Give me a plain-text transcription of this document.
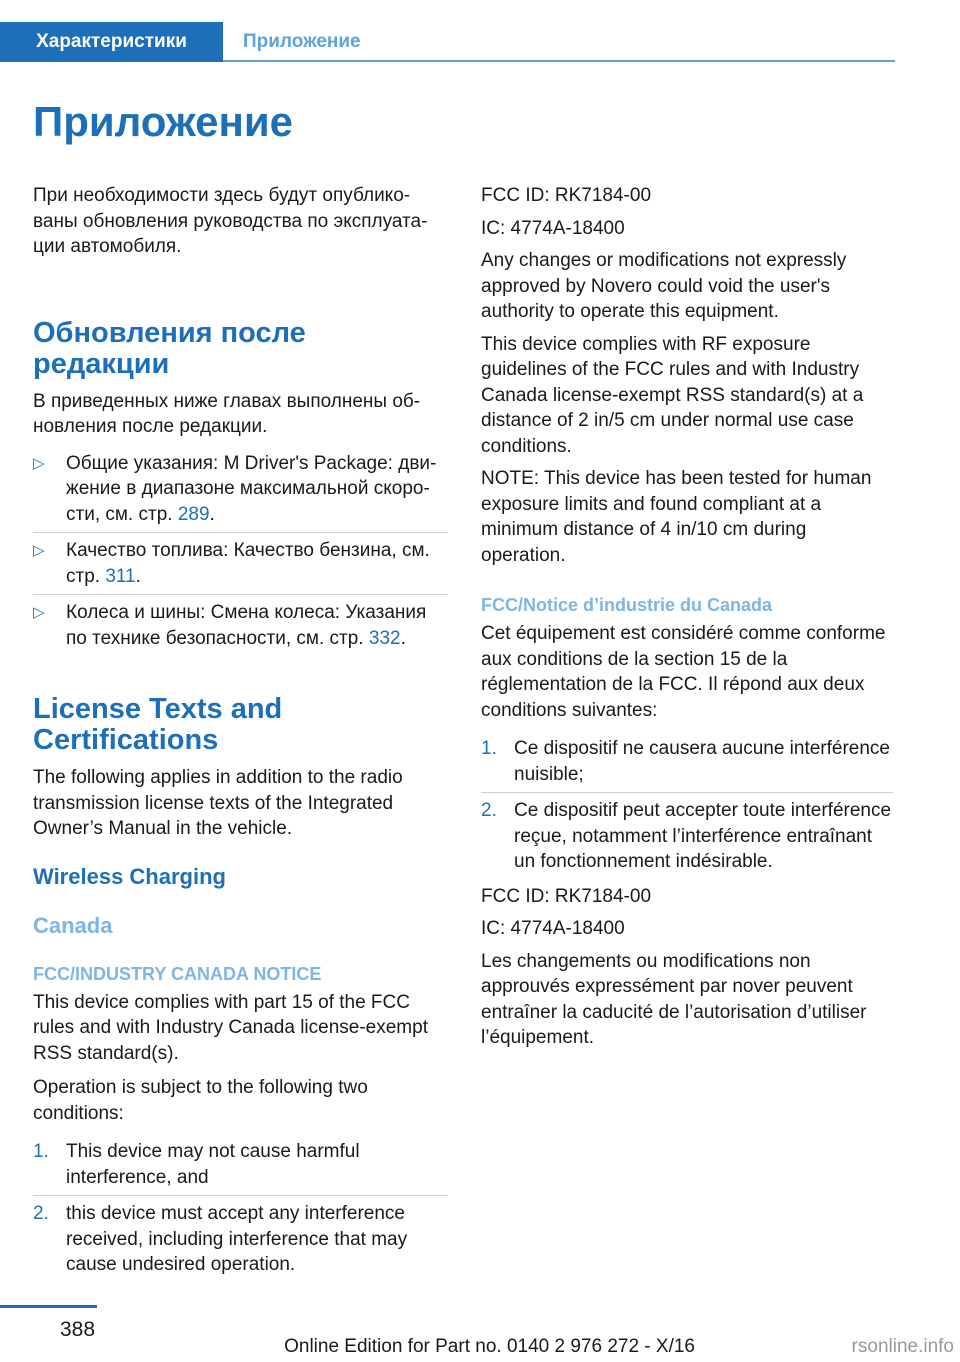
Характеристики	Приложение
Приложение

При необходимости здесь будут опубликованы обновления руководства по эксплуатации автомобиля.

Обновления после редакции

В приведенных ниже главах выполнены обновления после редакции.

▷ Общие указания: M Driver's Package: движение в диапазоне максимальной скорости, см. стр. 289.
▷ Качество топлива: Качество бензина, см. стр. 311.
▷ Колеса и шины: Смена колеса: Указания по технике безопасности, см. стр. 332.
License Texts and Certifications

The following applies in addition to the radio transmission license texts of the Integrated Owner’s Manual in the vehicle.

Wireless Charging
Canada
FCC/INDUSTRY CANADA NOTICE

This device complies with part 15 of the FCC rules and with Industry Canada license-exempt RSS standard(s).

Operation is subject to the following two conditions:

1. This device may not cause harmful interference, and
2. this device must accept any interference received, including interference that may cause undesired operation.

FCC ID: RK7184-00

IC: 4774A-18400

Any changes or modifications not expressly approved by Novero could void the user's authority to operate this equipment.

This device complies with RF exposure guidelines of the FCC rules and with Industry Canada license-exempt RSS standard(s) at a distance of 2 in/5 cm under normal use case conditions.

NOTE: This device has been tested for human exposure limits and found compliant at a minimum distance of 4 in/10 cm during operation.

FCC/Notice d’industrie du Canada

Cet équipement est considéré comme conforme aux conditions de la section 15 de la réglementation de la FCC. Il répond aux deux conditions suivantes:

1. Ce dispositif ne causera aucune interférence nuisible;
2. Ce dispositif peut accepter toute interférence reçue, notamment l’interférence entraînant un fonctionnement indésirable.

FCC ID: RK7184-00

IC: 4774A-18400

Les changements ou modifications non approuvés expressément par nover peuvent entraîner la caducité de l’autorisation d’utiliser l’équipement.

388
Online Edition for Part no. 0140 2 976 272 - X/16	rsonline.info
